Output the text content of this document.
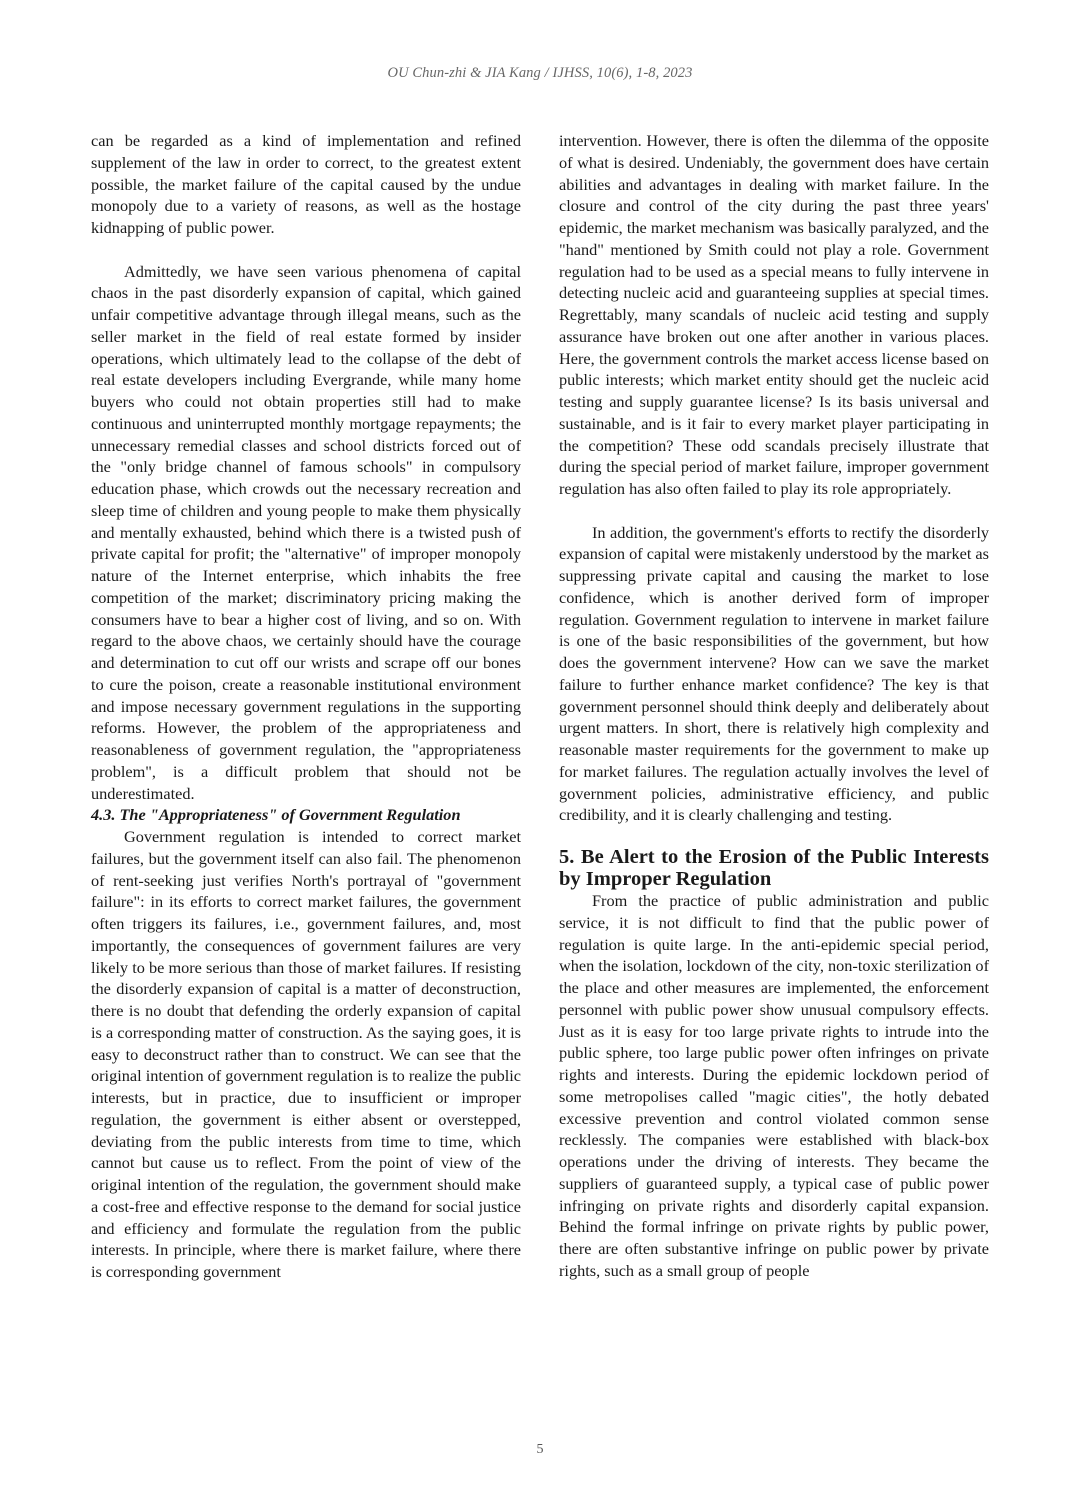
OU Chun-zhi & JIA Kang / IJHSS, 10(6), 1-8, 2023

can be regarded as a kind of implementation and refined supplement of the law in order to correct, to the greatest extent possible, the market failure of the capital caused by the undue monopoly due to a variety of reasons, as well as the hostage kidnapping of public power.

Admittedly, we have seen various phenomena of capital chaos in the past disorderly expansion of capital, which gained unfair competitive advantage through illegal means, such as the seller market in the field of real estate formed by insider operations, which ultimately lead to the collapse of the debt of real estate developers including Evergrande, while many home buyers who could not obtain properties still had to make continuous and uninterrupted monthly mortgage repayments; the unnecessary remedial classes and school districts forced out of the "only bridge channel of famous schools" in compulsory education phase, which crowds out the necessary recreation and sleep time of children and young people to make them physically and mentally exhausted, behind which there is a twisted push of private capital for profit; the "alternative" of improper monopoly nature of the Internet enterprise, which inhabits the free competition of the market; discriminatory pricing making the consumers have to bear a higher cost of living, and so on. With regard to the above chaos, we certainly should have the courage and determination to cut off our wrists and scrape off our bones to cure the poison, create a reasonable institutional environment and impose necessary government regulations in the supporting reforms. However, the problem of the appropriateness and reasonableness of government regulation, the "appropriateness problem", is a difficult problem that should not be underestimated.

4.3. The "Appropriateness" of Government Regulation

Government regulation is intended to correct market failures, but the government itself can also fail. The phenomenon of rent-seeking just verifies North's portrayal of "government failure": in its efforts to correct market failures, the government often triggers its failures, i.e., government failures, and, most importantly, the consequences of government failures are very likely to be more serious than those of market failures. If resisting the disorderly expansion of capital is a matter of deconstruction, there is no doubt that defending the orderly expansion of capital is a corresponding matter of construction. As the saying goes, it is easy to deconstruct rather than to construct. We can see that the original intention of government regulation is to realize the public interests, but in practice, due to insufficient or improper regulation, the government is either absent or overstepped, deviating from the public interests from time to time, which cannot but cause us to reflect. From the point of view of the original intention of the regulation, the government should make a cost-free and effective response to the demand for social justice and efficiency and formulate the regulation from the public interests. In principle, where there is market failure, where there is corresponding government

intervention. However, there is often the dilemma of the opposite of what is desired. Undeniably, the government does have certain abilities and advantages in dealing with market failure. In the closure and control of the city during the past three years' epidemic, the market mechanism was basically paralyzed, and the "hand" mentioned by Smith could not play a role. Government regulation had to be used as a special means to fully intervene in detecting nucleic acid and guaranteeing supplies at special times. Regrettably, many scandals of nucleic acid testing and supply assurance have broken out one after another in various places. Here, the government controls the market access license based on public interests; which market entity should get the nucleic acid testing and supply guarantee license? Is its basis universal and sustainable, and is it fair to every market player participating in the competition? These odd scandals precisely illustrate that during the special period of market failure, improper government regulation has also often failed to play its role appropriately.

In addition, the government's efforts to rectify the disorderly expansion of capital were mistakenly understood by the market as suppressing private capital and causing the market to lose confidence, which is another derived form of improper regulation. Government regulation to intervene in market failure is one of the basic responsibilities of the government, but how does the government intervene? How can we save the market failure to further enhance market confidence? The key is that government personnel should think deeply and deliberately about urgent matters. In short, there is relatively high complexity and reasonable master requirements for the government to make up for market failures. The regulation actually involves the level of government policies, administrative efficiency, and public credibility, and it is clearly challenging and testing.

5. Be Alert to the Erosion of the Public Interests by Improper Regulation

From the practice of public administration and public service, it is not difficult to find that the public power of regulation is quite large. In the anti-epidemic special period, when the isolation, lockdown of the city, non-toxic sterilization of the place and other measures are implemented, the enforcement personnel with public power show unusual compulsory effects. Just as it is easy for too large private rights to intrude into the public sphere, too large public power often infringes on private rights and interests. During the epidemic lockdown period of some metropolises called "magic cities", the hotly debated excessive prevention and control violated common sense recklessly. The companies were established with black-box operations under the driving of interests. They became the suppliers of guaranteed supply, a typical case of public power infringing on private rights and disorderly capital expansion. Behind the formal infringe on private rights by public power, there are often substantive infringe on public power by private rights, such as a small group of people

5
